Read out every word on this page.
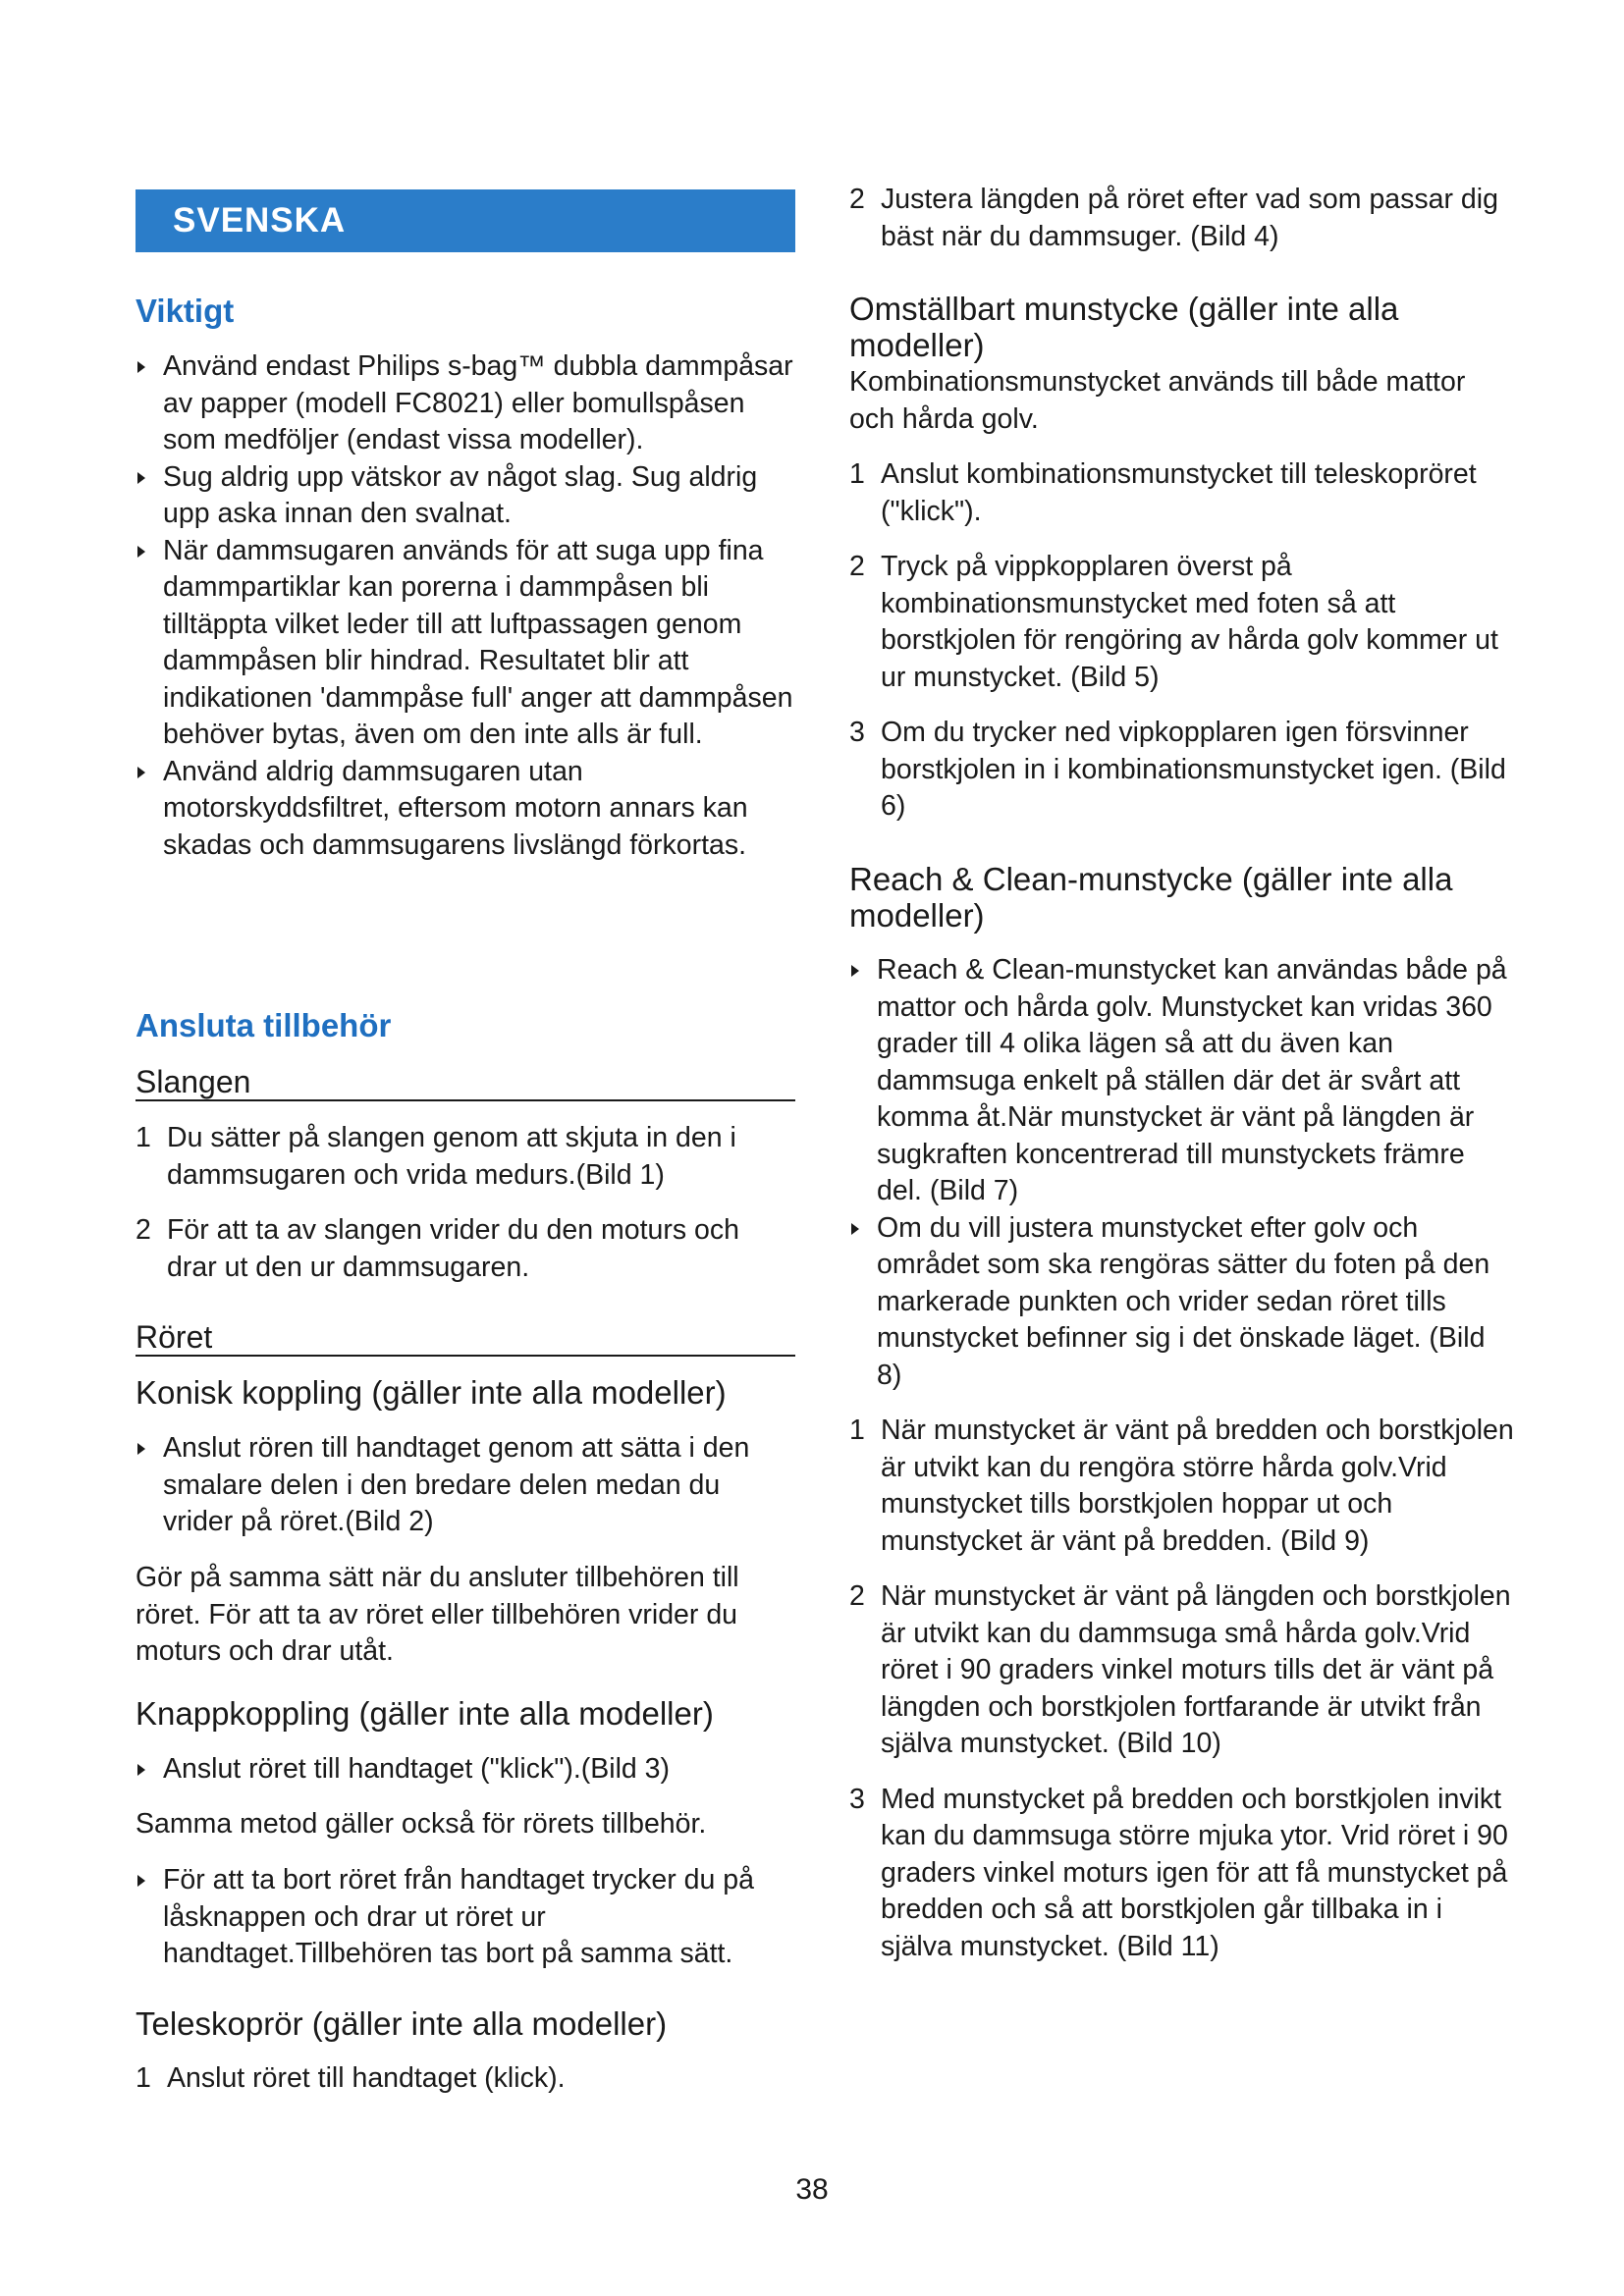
SVENSKA
Viktigt
Använd endast Philips s-bag™ dubbla dammpåsar av papper (modell FC8021) eller bomullspåsen som medföljer (endast vissa modeller).
Sug aldrig upp vätskor av något slag. Sug aldrig upp aska innan den svalnat.
När dammsugaren används för att suga upp fina dammpartiklar kan porerna i dammpåsen bli tilltäppta vilket leder till att luftpassagen genom dammpåsen blir hindrad. Resultatet blir att indikationen 'dammpåse full' anger att dammpåsen behöver bytas, även om den inte alls är full.
Använd aldrig dammsugaren utan motorskyddsfiltret, eftersom motorn annars kan skadas och dammsugarens livslängd förkortas.
Ansluta tillbehör
Slangen
1 Du sätter på slangen genom att skjuta in den i dammsugaren och vrida medurs.(Bild 1)
2 För att ta av slangen vrider du den moturs och drar ut den ur dammsugaren.
Röret
Konisk koppling (gäller inte alla modeller)
Anslut rören till handtaget genom att sätta i den smalare delen i den bredare delen medan du vrider på röret.(Bild 2)

Gör på samma sätt när du ansluter tillbehören till röret. För att ta av röret eller tillbehören vrider du moturs och drar utåt.

Knappkoppling (gäller inte alla modeller)
Anslut röret till handtaget ("klick").(Bild 3)

Samma metod gäller också för rörets tillbehör.

För att ta bort röret från handtaget trycker du på låsknappen och drar ut röret ur handtaget.Tillbehören tas bort på samma sätt.
Teleskoprör (gäller inte alla modeller)
1 Anslut röret till handtaget (klick).
2 Justera längden på röret efter vad som passar dig bäst när du dammsuger. (Bild 4)
Omställbart munstycke (gäller inte alla modeller)

Kombinationsmunstycket används till både mattor och hårda golv.

1 Anslut kombinationsmunstycket till teleskopröret ("klick").
2 Tryck på vippkopplaren överst på kombinationsmunstycket med foten så att borstkjolen för rengöring av hårda golv kommer ut ur munstycket. (Bild 5)
3 Om du trycker ned vipkopplaren igen försvinner borstkjolen in i kombinationsmunstycket igen. (Bild 6)
Reach & Clean-munstycke (gäller inte alla modeller)
Reach & Clean-munstycket kan användas både på mattor och hårda golv. Munstycket kan vridas 360 grader till 4 olika lägen så att du även kan dammsuga enkelt på ställen där det är svårt att komma åt.När munstycket är vänt på längden är sugkraften koncentrerad till munstyckets främre del. (Bild 7)
Om du vill justera munstycket efter golv och området som ska rengöras sätter du foten på den markerade punkten och vrider sedan röret tills munstycket befinner sig i det önskade läget. (Bild 8)
1 När munstycket är vänt på bredden och borstkjolen är utvikt kan du rengöra större hårda golv.Vrid munstycket tills borstkjolen hoppar ut och munstycket är vänt på bredden. (Bild 9)
2 När munstycket är vänt på längden och borstkjolen är utvikt kan du dammsuga små hårda golv.Vrid röret i 90 graders vinkel moturs tills det är vänt på längden och borstkjolen fortfarande är utvikt från själva munstycket. (Bild 10)
3 Med munstycket på bredden och borstkjolen invikt kan du dammsuga större mjuka ytor. Vrid röret i 90 graders vinkel moturs igen för att få munstycket på bredden och så att borstkjolen går tillbaka in i själva munstycket. (Bild 11)
38
